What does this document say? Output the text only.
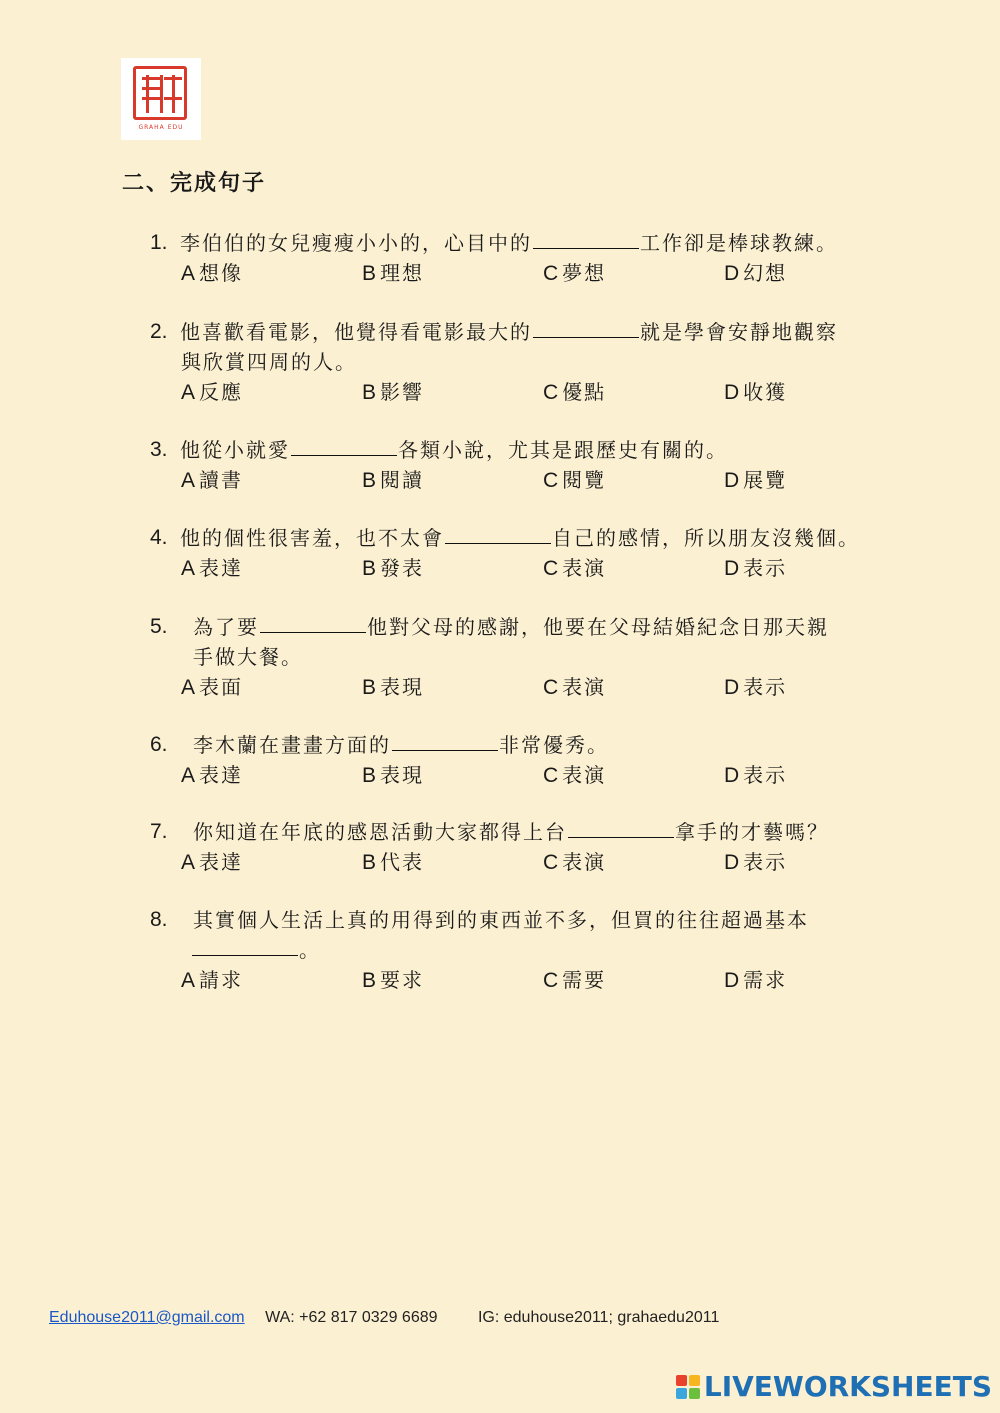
GRAHA EDU
二、完成句子
1. 李伯伯的女兒瘦瘦小小的，心目中的	工作卻是棒球教練。
A 想像	B 理想	C 夢想	D 幻想
2. 他喜歡看電影，他覺得看電影最大的	就是學會安靜地觀察
與欣賞四周的人。
A 反應	B 影響	C 優點	D 收獲
3. 他從小就愛	各類小說，尤其是跟歷史有關的。
A 讀書	B 閱讀	C 閱覽	D 展覽
4. 他的個性很害羞，也不太會	自己的感情，所以朋友沒幾個。
A 表達	B 發表	C 表演	D 表示
5.	為了要	他對父母的感謝，他要在父母結婚紀念日那天親
手做大餐。
A 表面	B 表現	C 表演	D 表示
6.	李木蘭在畫畫方面的	非常優秀。
A 表達	B 表現	C 表演	D 表示
7.	你知道在年底的感恩活動大家都得上台	拿手的才藝嗎？
A 表達	B 代表	C 表演	D 表示
8.	其實個人生活上真的用得到的東西並不多，但買的往往超過基本
。
A 請求	B 要求	C 需要	D 需求
Eduhouse2011@gmail.com WA: +62 817 0329 6689	IG: eduhouse2011; grahaedu2011
LIVEWORKSHEETS
